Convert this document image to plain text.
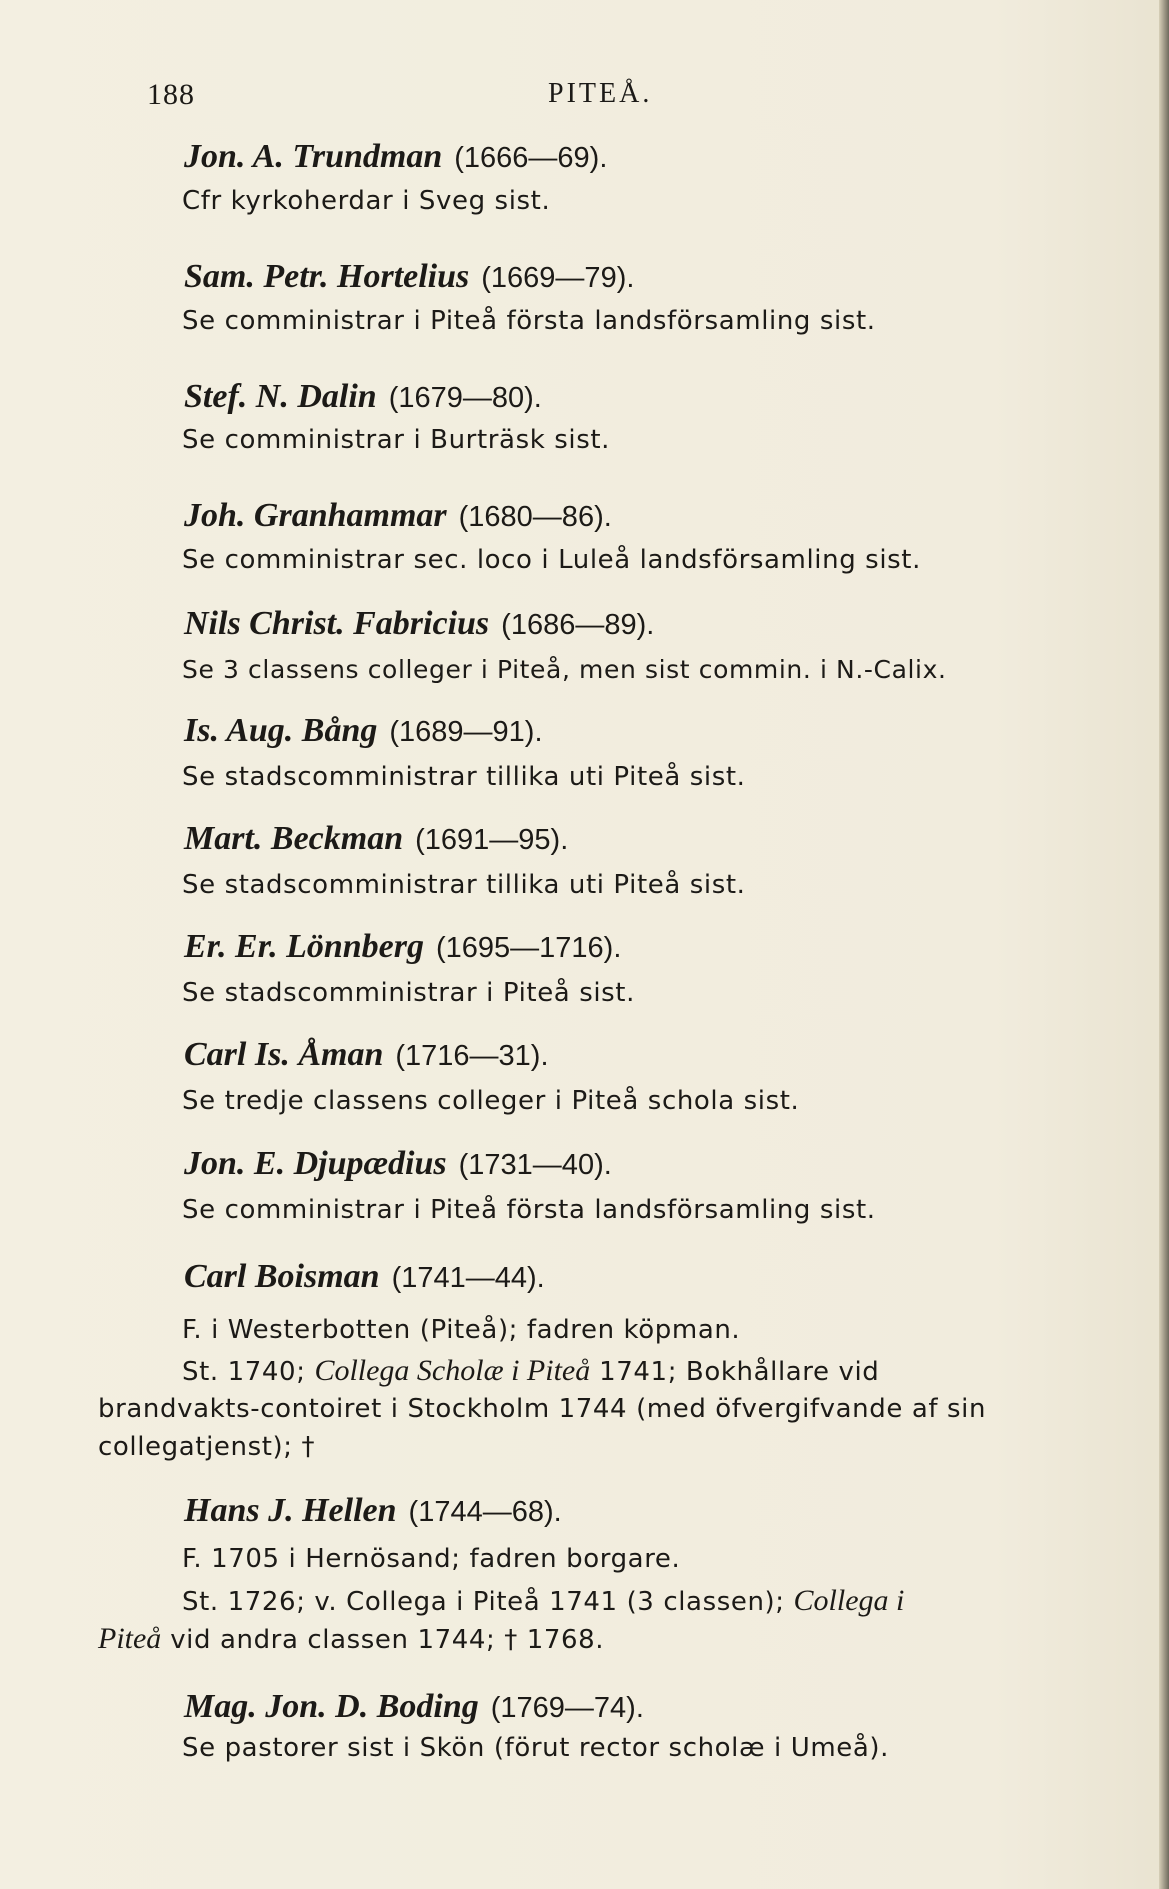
188	PITEÅ.
Jon. A. Trundman (1666—69).
Cfr kyrkoherdar i Sveg sist.
Sam. Petr. Hortelius (1669—79).
Se comministrar i Piteå första landsförsamling sist.
Stef. N. Dalin (1679—80).
Se comministrar i Burträsk sist.
Joh. Granhammar (1680—86).
Se comministrar sec. loco i Luleå landsförsamling sist.
Nils Christ. Fabricius (1686—89).
Se 3 classens colleger i Piteå, men sist commin. i N.-Calix.
Is. Aug. Bång (1689—91).
Se stadscomministrar tillika uti Piteå sist.
Mart. Beckman (1691—95).
Se stadscomministrar tillika uti Piteå sist.
Er. Er. Lönnberg (1695—1716).
Se stadscomministrar i Piteå sist.
Carl Is. Åman (1716—31).
Se tredje classens colleger i Piteå schola sist.
Jon. E. Djupædius (1731—40).
Se comministrar i Piteå första landsförsamling sist.
Carl Boisman (1741—44).
F. i Westerbotten (Piteå); fadren köpman.
St. 1740; Collega Scholæ i Piteå 1741; Bokhållare vid
brandvakts-contoiret i Stockholm 1744 (med öfvergifvande af sin
collegatjenst); †
Hans J. Hellen (1744—68).
F. 1705 i Hernösand; fadren borgare.
St. 1726; v. Collega i Piteå 1741 (3 classen); Collega i
Piteå vid andra classen 1744; † 1768.
Mag. Jon. D. Boding (1769—74).
Se pastorer sist i Skön (förut rector scholæ i Umeå).
